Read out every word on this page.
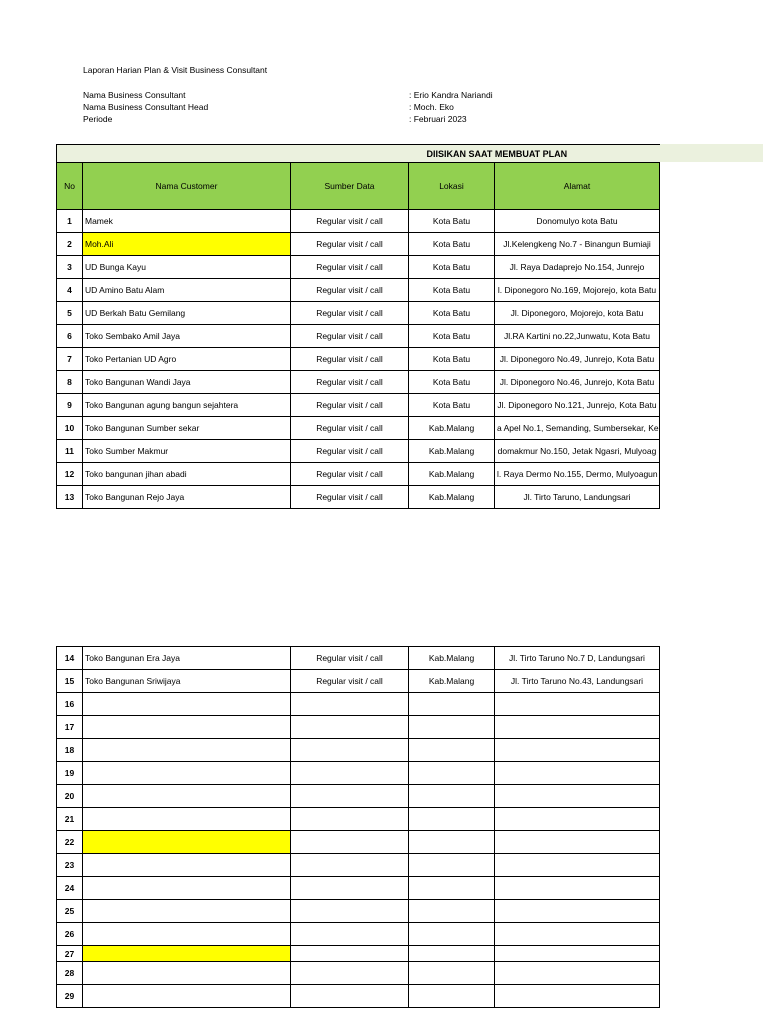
Laporan Harian Plan & Visit Business Consultant
Nama Business Consultant	: Erio Kandra Nariandi
Nama Business Consultant Head	: Moch. Eko
Periode	: Februari 2023
			DIISIKAN SAAT MEMBUAT PLAN	
No	Nama Customer	Sumber Data	Lokasi	Alamat
1	Mamek	Regular visit / call	Kota Batu	Donomulyo kota Batu
2	Moh.Ali	Regular visit / call	Kota Batu	Jl.Kelengkeng No.7 - Binangun Bumiaji
3	UD Bunga Kayu	Regular visit / call	Kota Batu	Jl. Raya Dadaprejo No.154, Junrejo
4	UD Amino Batu Alam	Regular visit / call	Kota Batu	l. Diponegoro No.169, Mojorejo, kota Batu
5	UD Berkah Batu Gemilang	Regular visit / call	Kota Batu	Jl. Diponegoro, Mojorejo, kota Batu
6	Toko Sembako Amil Jaya	Regular visit / call	Kota Batu	Jl.RA Kartini no.22,Junwatu, Kota Batu
7	Toko Pertanian UD Agro	Regular visit / call	Kota Batu	Jl. Diponegoro No.49, Junrejo, Kota Batu
8	Toko Bangunan Wandi Jaya	Regular visit / call	Kota Batu	Jl. Diponegoro No.46, Junrejo, Kota Batu
9	Toko Bangunan agung bangun sejahtera	Regular visit / call	Kota Batu	Jl. Diponegoro No.121, Junrejo, Kota Batu
10	Toko Bangunan Sumber sekar	Regular visit / call	Kab.Malang	a Apel No.1, Semanding, Sumbersekar, Ke
11	Toko Sumber Makmur	Regular visit / call	Kab.Malang	domakmur No.150, Jetak Ngasri, Mulyoag
12	Toko bangunan jihan abadi	Regular visit / call	Kab.Malang	l. Raya Dermo No.155, Dermo, Mulyoagun
13	Toko Bangunan Rejo Jaya	Regular visit / call	Kab.Malang	Jl. Tirto Taruno, Landungsari
14	Toko Bangunan Era Jaya	Regular visit / call	Kab.Malang	Jl. Tirto Taruno No.7 D, Landungsari
15	Toko Bangunan Sriwijaya	Regular visit / call	Kab.Malang	Jl. Tirto Taruno No.43, Landungsari
16				
17				
18				
19				
20				
21				
22				
23				
24				
25				
26				
27				
28				
29				
